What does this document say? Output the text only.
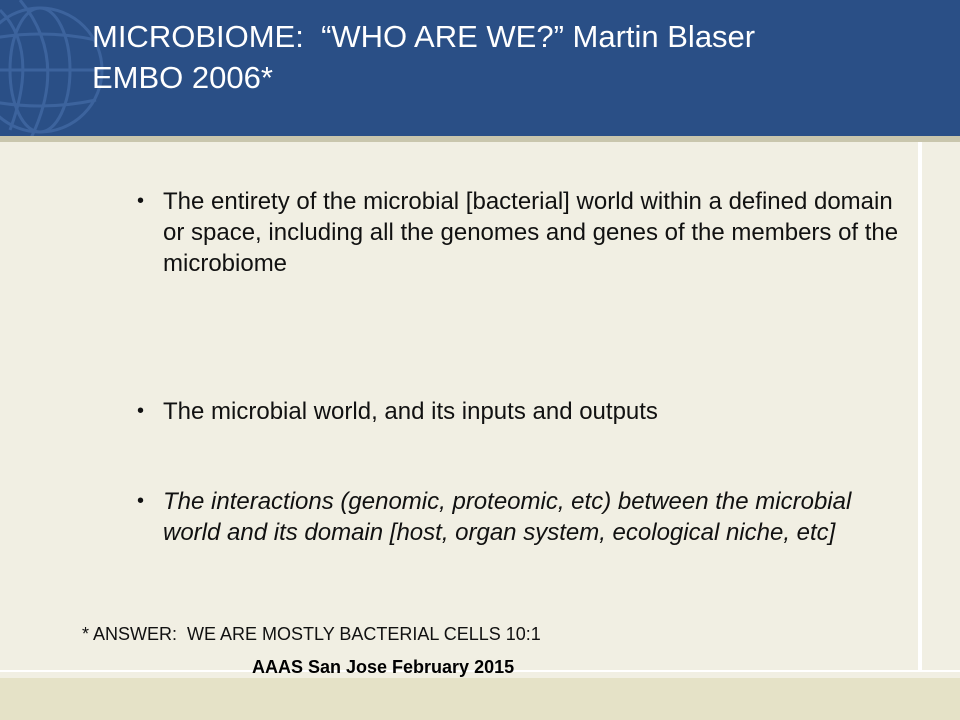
MICROBIOME:  “WHO ARE WE?” Martin Blaser
EMBO 2006*

• The entirety of the microbial [bacterial] world within a defined domain or space, including all the genomes and genes of the members of the microbiome

• The microbial world, and its inputs and outputs

• The interactions (genomic, proteomic, etc) between the microbial world and its domain [host, organ system, ecological niche, etc]

* ANSWER:  WE ARE MOSTLY BACTERIAL CELLS 10:1
AAAS San Jose February 2015
